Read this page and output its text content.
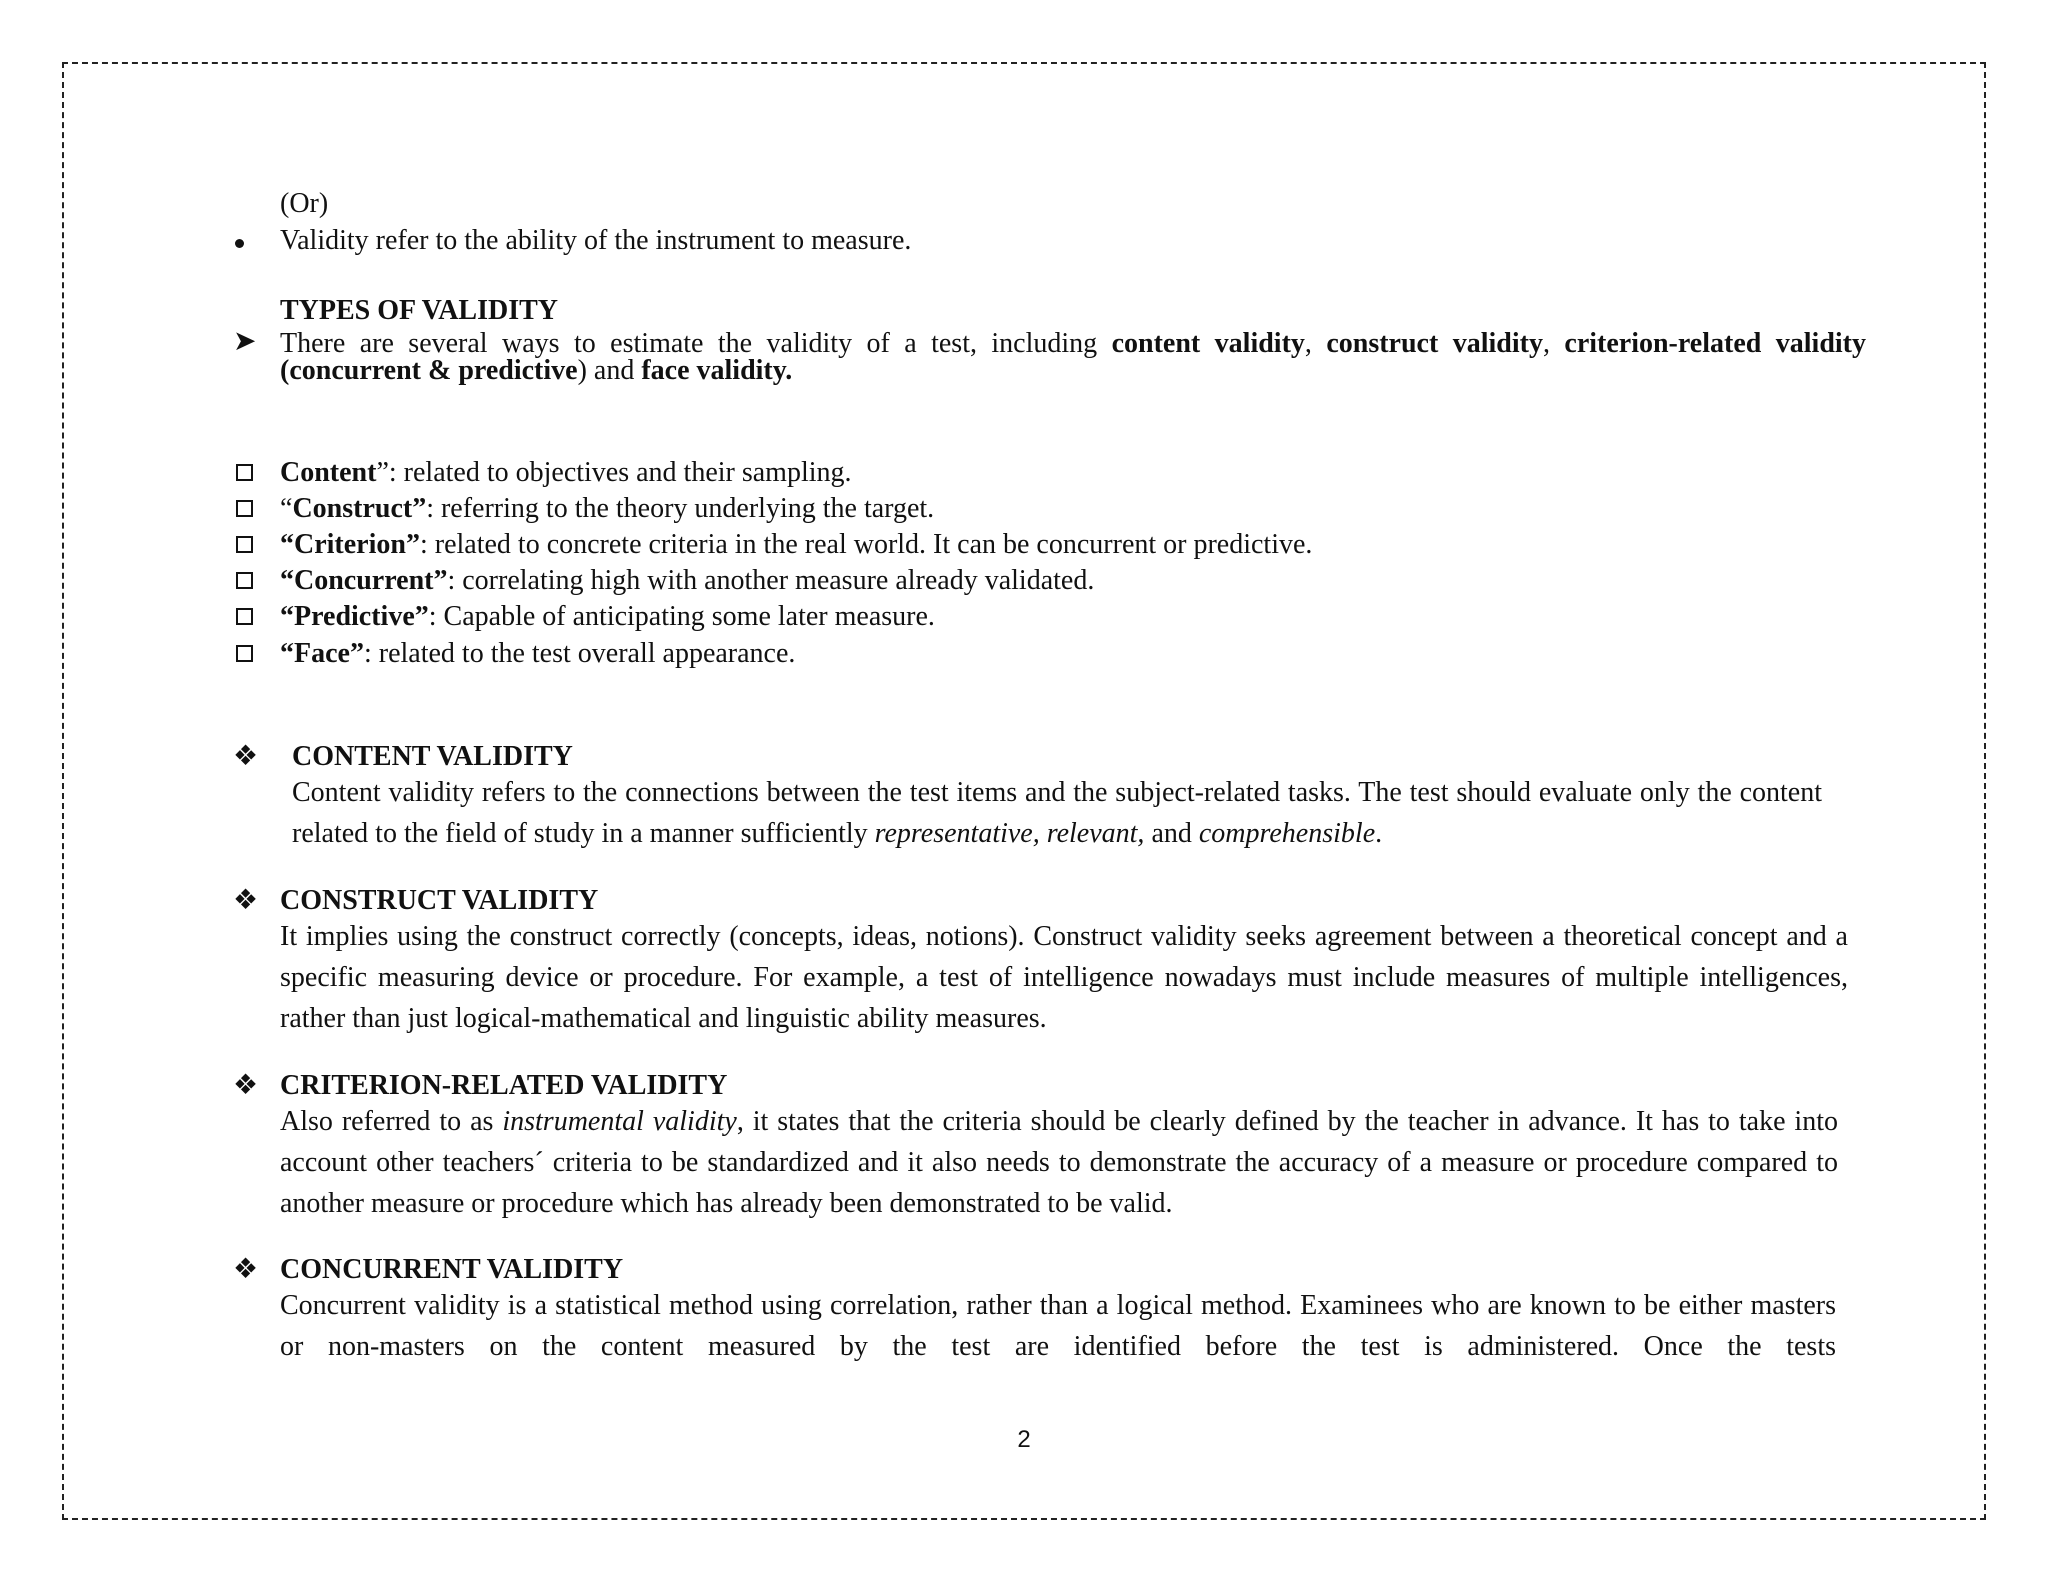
(Or)
Validity refer to the ability of the instrument to measure.
TYPES OF VALIDITY
➤ There are several ways to estimate the validity of a test, including content validity, construct validity, criterion-related validity (concurrent & predictive) and face validity.
Content”: related to objectives and their sampling.
“Construct”: referring to the theory underlying the target.
“Criterion”: related to concrete criteria in the real world. It can be concurrent or predictive.
“Concurrent”: correlating high with another measure already validated.
“Predictive”: Capable of anticipating some later measure.
“Face”: related to the test overall appearance.
❖ CONTENT VALIDITY
Content validity refers to the connections between the test items and the subject-related tasks. The test should evaluate only the content related to the field of study in a manner sufficiently representative, relevant, and comprehensible.
❖ CONSTRUCT VALIDITY
It implies using the construct correctly (concepts, ideas, notions). Construct validity seeks agreement between a theoretical concept and a specific measuring device or procedure. For example, a test of intelligence nowadays must include measures of multiple intelligences, rather than just logical-mathematical and linguistic ability measures.
❖ CRITERION-RELATED VALIDITY
Also referred to as instrumental validity, it states that the criteria should be clearly defined by the teacher in advance. It has to take into account other teachers´ criteria to be standardized and it also needs to demonstrate the accuracy of a measure or procedure compared to another measure or procedure which has already been demonstrated to be valid.
❖ CONCURRENT VALIDITY
Concurrent validity is a statistical method using correlation, rather than a logical method. Examinees who are known to be either masters or non-masters on the content measured by the test are identified before the test is administered. Once the tests
2
